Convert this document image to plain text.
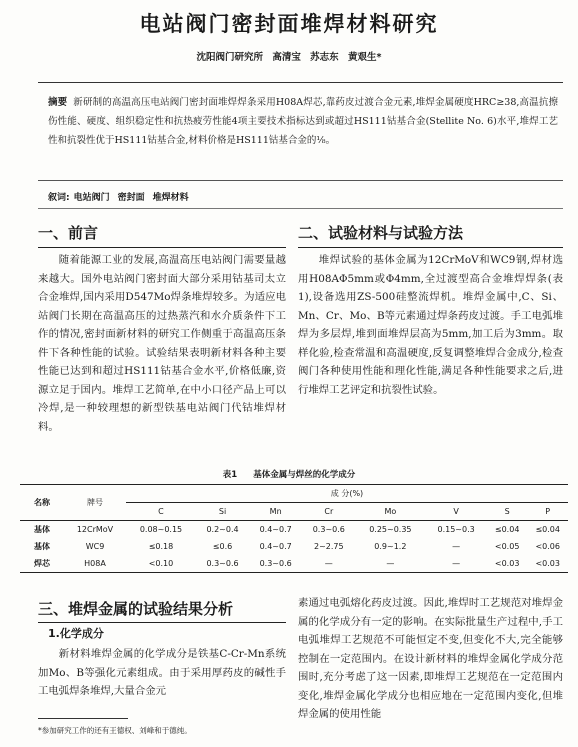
电站阀门密封面堆焊材料研究
沈阳阀门研究所 高清宝 苏志东 黄艰生*
摘要 新研制的高温高压电站阀门密封面堆焊焊条采用H08A焊芯,靠药皮过渡合金元素,堆焊金属硬度HRC≥38,高温抗擦伤性能、硬度、组织稳定性和抗热疲劳性能4项主要技术指标达到或超过HS111钴基合金(Stellite No. 6)水平,堆焊工艺性和抗裂性优于HS111钴基合金,材料价格是HS111钴基合金的⅛。
叙词: 电站阀门 密封面 堆焊材料
一、前言

随着能源工业的发展,高温高压电站阀门需要量越来越大。国外电站阀门密封面大部分采用钴基司太立合金堆焊,国内采用D547Mo焊条堆焊较多。为适应电站阀门长期在高温高压的过热蒸汽和水介质条件下工作的情况,密封面新材料的研究工作侧重于高温高压条件下各种性能的试验。试验结果表明新材料各种主要性能已达到和超过HS111钴基合金水平,价格低廉,资源立足于国内。堆焊工艺简单,在中小口径产品上可以冷焊,是一种较理想的新型铁基电站阀门代钴堆焊材料。

二、试验材料与试验方法

堆焊试验的基体金属为12CrMoV和WC9钢,焊材选用H08AΦ5mm或Φ4mm,全过渡型高合金堆焊焊条(表1),设备选用ZS-500硅整流焊机。堆焊金属中,C、Si、Mn、Cr、Mo、B等元素通过焊条药皮过渡。手工电弧堆焊为多层焊,堆到面堆焊层高为5mm,加工后为3mm。取样化验,检查常温和高温硬度,反复调整堆焊合金成分,检查阀门各种使用性能和理化性能,满足各种性能要求之后,进行堆焊工艺评定和抗裂性试验。

表1 基体金属与焊丝的化学成分
名称	牌号	成 分(%)							
		C	Si	Mn	Cr	Mo	V	S	P
基体	12CrMoV	0.08~0.15	0.2~0.4	0.4~0.7	0.3~0.6	0.25~0.35	0.15~0.3	≤0.04	≤0.04
基体	WC9	≤0.18	≤0.6	0.4~0.7	2~2.75	0.9~1.2	—	<0.05	<0.06
焊芯	H08A	<0.10	0.3~0.6	0.3~0.6	—	—	—	<0.03	<0.03
三、堆焊金属的试验结果分析
1.化学成分

新材料堆焊金属的化学成分是铁基C-Cr-Mn系统加Mo、B等强化元素组成。由于采用厚药皮的碱性手工电弧焊条堆焊,大量合金元

素通过电弧熔化药皮过渡。因此,堆焊时工艺规范对堆焊金属的化学成分有一定的影响。在实际批量生产过程中,手工电弧堆焊工艺规范不可能恒定不变,但变化不大,完全能够控制在一定范围内。在设计新材料的堆焊金属化学成分范围时,充分考虑了这一因素,即堆焊工艺规范在一定范围内变化,堆焊金属化学成分也相应地在一定范围内变化,但堆焊金属的使用性能

*参加研究工作的还有王德权、刘峰和于德纯。
